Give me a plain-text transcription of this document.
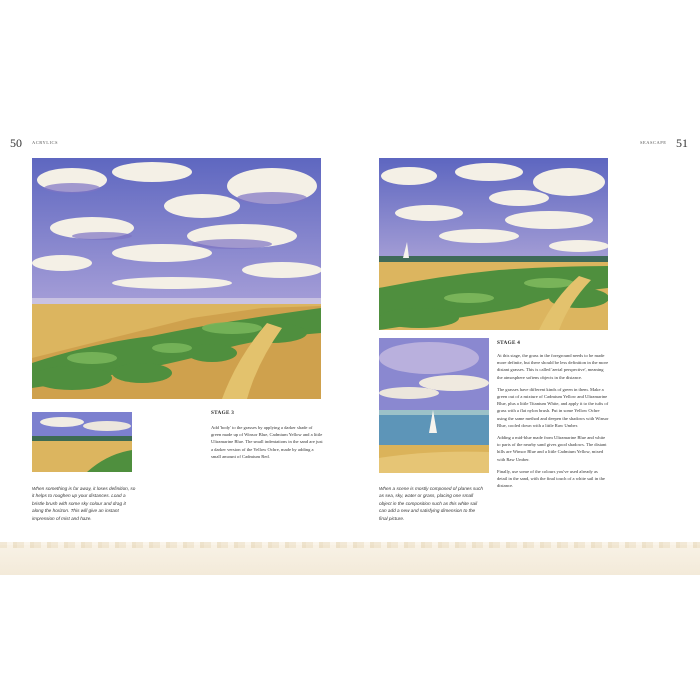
50 ACRYLICS	SEASCAPE 51
STAGE 3

Add 'body' to the grasses by applying a darker shade of green made up of Winsor Blue, Cadmium Yellow and a little Ultramarine Blue. The small indentations in the sand are just a darker version of the Yellow Ochre, made by adding a small amount of Cadmium Red.

When something is far away, it loses definition, so it helps to roughen up your distances. Load a bristle brush with some sky colour and drag it along the horizon. This will give an instant impression of mist and haze.

STAGE 4

At this stage, the grass in the foreground needs to be made more definite, but there should be less definition in the more distant grasses. This is called 'aerial perspective', meaning the atmosphere softens objects in the distance.

The grasses have different kinds of green in them. Make a green out of a mixture of Cadmium Yellow and Ultramarine Blue, plus a little Titanium White, and apply it to the tufts of grass with a flat nylon brush. Put in some Yellow Ochre using the same method and deepen the shadows with Winsor Blue, cooled down with a little Raw Umber.

Adding a mid-blue made from Ultramarine Blue and white to parts of the nearby sand gives good shadows. The distant hills are Winsor Blue and a little Cadmium Yellow, mixed with Raw Umber.

Finally, use some of the colours you've used already as detail in the sand, with the final touch of a white sail in the distance.

When a scene is mostly composed of planes such as sea, sky, water or grass, placing one small object in the composition such as this white sail can add a new and satisfying dimension to the final picture.
